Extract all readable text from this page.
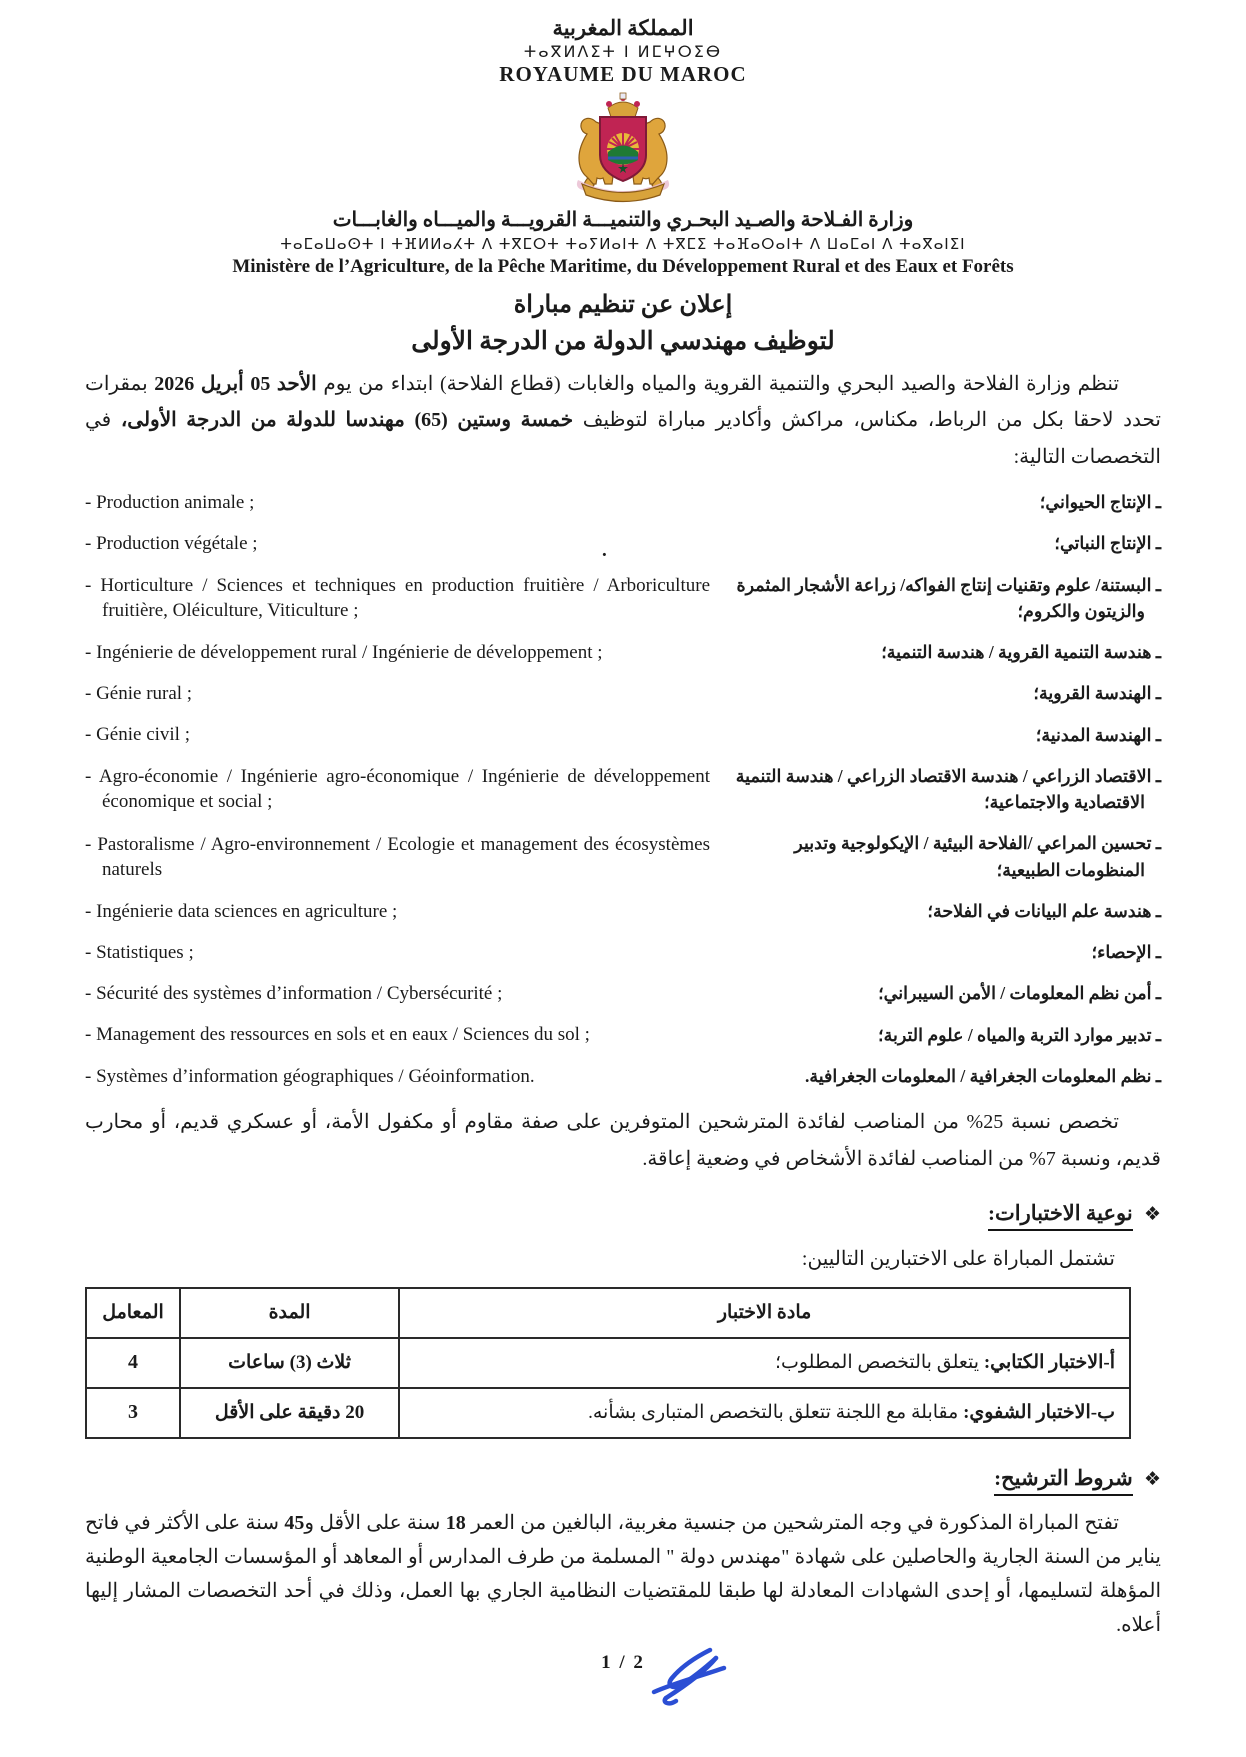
المملكة المغربية
ⵜⴰⴳⵍⴷⵉⵜ ⵏ ⵍⵎⵖⵔⵉⴱ
ROYAUME DU MAROC
وزارة الفـلاحة والصـيد البحـري والتنميـــة القرويـــة والميـــاه والغابـــات
ⵜⴰⵎⴰⵡⴰⵙⵜ ⵏ ⵜⴼⵍⵍⴰⵃⵜ ⴷ ⵜⴳⵎⵔⵜ ⵜⴰⵢⵍⴰⵏⵜ ⴷ ⵜⴳⵎⵉ ⵜⴰⴼⴰⵔⴰⵏⵜ ⴷ ⵡⴰⵎⴰⵏ ⴷ ⵜⴰⴳⴰⵏⵉⵏ
Ministère de l’Agriculture, de la Pêche Maritime, du Développement Rural et des Eaux et Forêts
إعلان عن تنظيم مباراة
لتوظيف مهندسي الدولة من الدرجة الأولى

تنظم وزارة الفلاحة والصيد البحري والتنمية القروية والمياه والغابات (قطاع الفلاحة) ابتداء من يوم الأحد 05 أبريل 2026 بمقرات تحدد لاحقا بكل من الرباط، مكناس، مراكش وأكادير مباراة لتوظيف خمسة وستين (65) مهندسا للدولة من الدرجة الأولى، في التخصصات التالية:

- Production animale ;	ـ الإنتاج الحيواني؛
- Production végétale ;	ـ الإنتاج النباتي؛
- Horticulture / Sciences et techniques en production fruitière / Arboriculture fruitière, Oléiculture, Viticulture ;
ـ البستنة/ علوم وتقنيات إنتاج الفواكه/ زراعة الأشجار المثمرة والزيتون والكروم؛
- Ingénierie de développement rural / Ingénierie de développement ;	ـ هندسة التنمية القروية / هندسة التنمية؛
- Génie rural ;	ـ الهندسة القروية؛
- Génie civil ;	ـ الهندسة المدنية؛
- Agro-économie / Ingénierie agro-économique / Ingénierie de développement économique et social ;
ـ الاقتصاد الزراعي / هندسة الاقتصاد الزراعي / هندسة التنمية الاقتصادية والاجتماعية؛
- Pastoralisme / Agro-environnement / Ecologie et management des écosystèmes naturels
ـ تحسين المراعي /الفلاحة البيئية / الإيكولوجية وتدبير المنظومات الطبيعية؛
- Ingénierie data sciences en agriculture ;	ـ هندسة علم البيانات في الفلاحة؛
- Statistiques ;	ـ الإحصاء؛
- Sécurité des systèmes d’information / Cybersécurité ;	ـ أمن نظم المعلومات / الأمن السيبراني؛
- Management des ressources en sols et en eaux / Sciences du sol ;	ـ تدبير موارد التربة والمياه / علوم التربة؛
- Systèmes d’information géographiques / Géoinformation.	ـ نظم المعلومات الجغرافية / المعلومات الجغرافية.
.

تخصص نسبة 25% من المناصب لفائدة المترشحين المتوفرين على صفة مقاوم أو مكفول الأمة، أو عسكري قديم، أو محارب قديم، ونسبة 7% من المناصب لفائدة الأشخاص في وضعية إعاقة.

❖ نوعية الاختبارات:
تشتمل المباراة على الاختبارين التاليين:
مادة الاختبار	المدة	المعامل
أ-الاختبار الكتابي: يتعلق بالتخصص المطلوب؛	ثلاث (3) ساعات	4
ب-الاختبار الشفوي: مقابلة مع اللجنة تتعلق بالتخصص المتبارى بشأنه.	20 دقيقة على الأقل	3
❖ شروط الترشيح:

تفتح المباراة المذكورة في وجه المترشحين من جنسية مغربية، البالغين من العمر 18 سنة على الأقل و45 سنة على الأكثر في فاتح يناير من السنة الجارية والحاصلين على شهادة "مهندس دولة " المسلمة من طرف المدارس أو المعاهد أو المؤسسات الجامعية الوطنية المؤهلة لتسليمها، أو إحدى الشهادات المعادلة لها طبقا للمقتضيات النظامية الجاري بها العمل، وذلك في أحد التخصصات المشار إليها أعلاه.

1 / 2
